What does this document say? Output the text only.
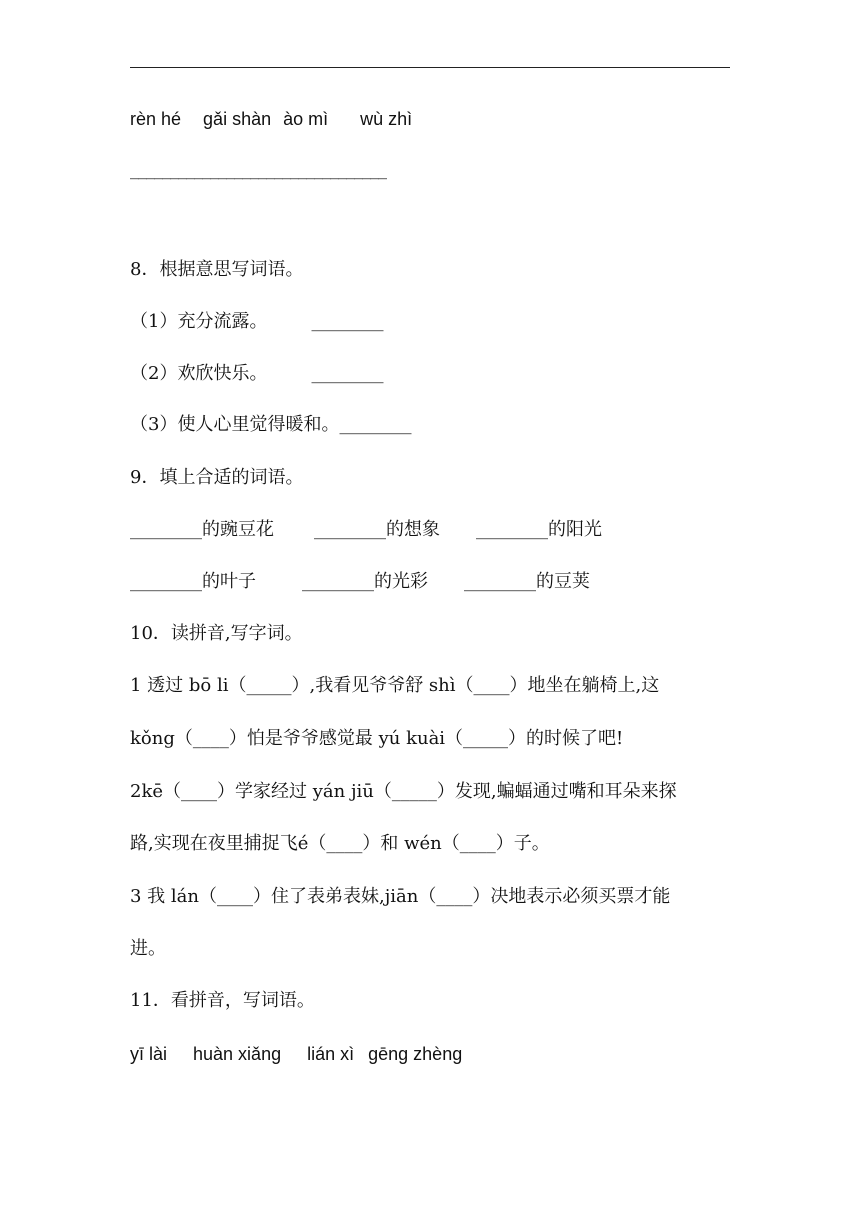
rèn hé gǎi shàn ào mì wù zhì
________________________________
8．根据意思写词语。
（1）充分流露。 ________
（2）欢欣快乐。 ________
（3）使人心里觉得暖和。________
9．填上合适的词语。
________的豌豆花 ________的想象 ________的阳光
________的叶子	________的光彩 ________的豆荚
10．读拼音,写字词。
1 透过 bō li（_____）,我看见爷爷舒 shì（____）地坐在躺椅上,这
kǒng（____）怕是爷爷感觉最 yú kuài（_____）的时候了吧!
2kē（____）学家经过 yán jiū（_____）发现,蝙蝠通过嘴和耳朵来探
路,实现在夜里捕捉飞é（____）和 wén（____）子。
3 我 lán（____）住了表弟表妹,jiān（____）决地表示必须买票才能
进。
11．看拼音，写词语。
yī lài huàn xiǎng lián xì gēng zhèng
